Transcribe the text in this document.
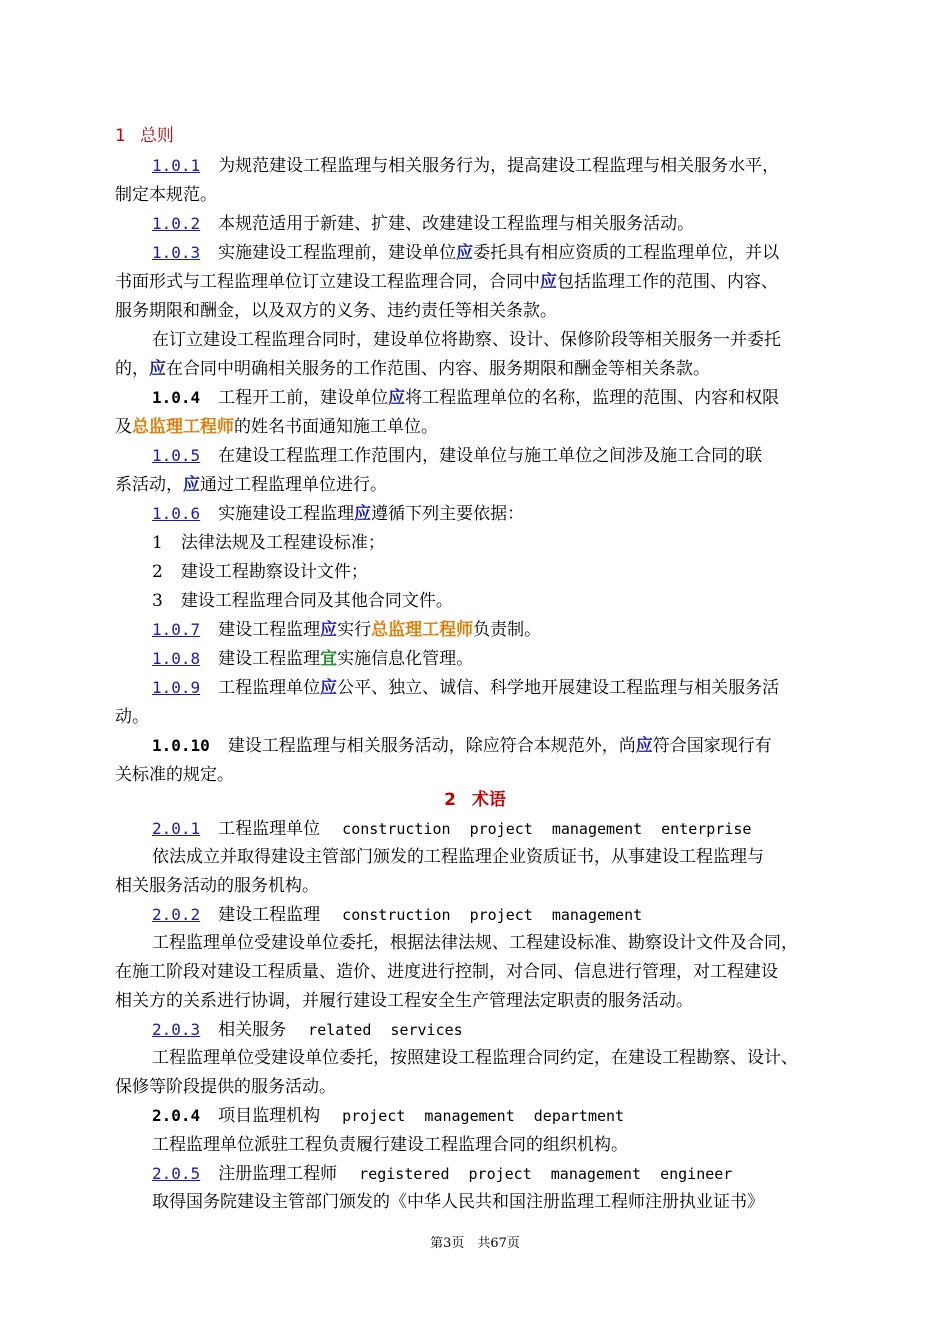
1 总则
1.0.1 为规范建设工程监理与相关服务行为，提高建设工程监理与相关服务水平，
制定本规范。
1.0.2 本规范适用于新建、扩建、改建建设工程监理与相关服务活动。
1.0.3 实施建设工程监理前，建设单位应委托具有相应资质的工程监理单位，并以
书面形式与工程监理单位订立建设工程监理合同，合同中应包括监理工作的范围、内容、
服务期限和酬金，以及双方的义务、违约责任等相关条款。
在订立建设工程监理合同时，建设单位将勘察、设计、保修阶段等相关服务一并委托
的，应在合同中明确相关服务的工作范围、内容、服务期限和酬金等相关条款。
1.0.4 工程开工前，建设单位应将工程监理单位的名称，监理的范围、内容和权限
及总监理工程师的姓名书面通知施工单位。
1.0.5 在建设工程监理工作范围内，建设单位与施工单位之间涉及施工合同的联
系活动，应通过工程监理单位进行。
1.0.6 实施建设工程监理应遵循下列主要依据：
1 法律法规及工程建设标准；
2 建设工程勘察设计文件；
3 建设工程监理合同及其他合同文件。
1.0.7 建设工程监理应实行总监理工程师负责制。
1.0.8 建设工程监理宜实施信息化管理。
1.0.9 工程监理单位应公平、独立、诚信、科学地开展建设工程监理与相关服务活
动。
1.0.10 建设工程监理与相关服务活动，除应符合本规范外，尚应符合国家现行有
关标准的规定。
2 术语
2.0.1 工程监理单位 construction project management enterprise
依法成立并取得建设主管部门颁发的工程监理企业资质证书，从事建设工程监理与
相关服务活动的服务机构。
2.0.2 建设工程监理 construction project management
工程监理单位受建设单位委托，根据法律法规、工程建设标准、勘察设计文件及合同，
在施工阶段对建设工程质量、造价、进度进行控制，对合同、信息进行管理，对工程建设
相关方的关系进行协调，并履行建设工程安全生产管理法定职责的服务活动。
2.0.3 相关服务 related services
工程监理单位受建设单位委托，按照建设工程监理合同约定，在建设工程勘察、设计、
保修等阶段提供的服务活动。
2.0.4 项目监理机构 project management department
工程监理单位派驻工程负责履行建设工程监理合同的组织机构。
2.0.5 注册监理工程师 registered project management engineer
取得国务院建设主管部门颁发的《中华人民共和国注册监理工程师注册执业证书》
第3页　共67页
